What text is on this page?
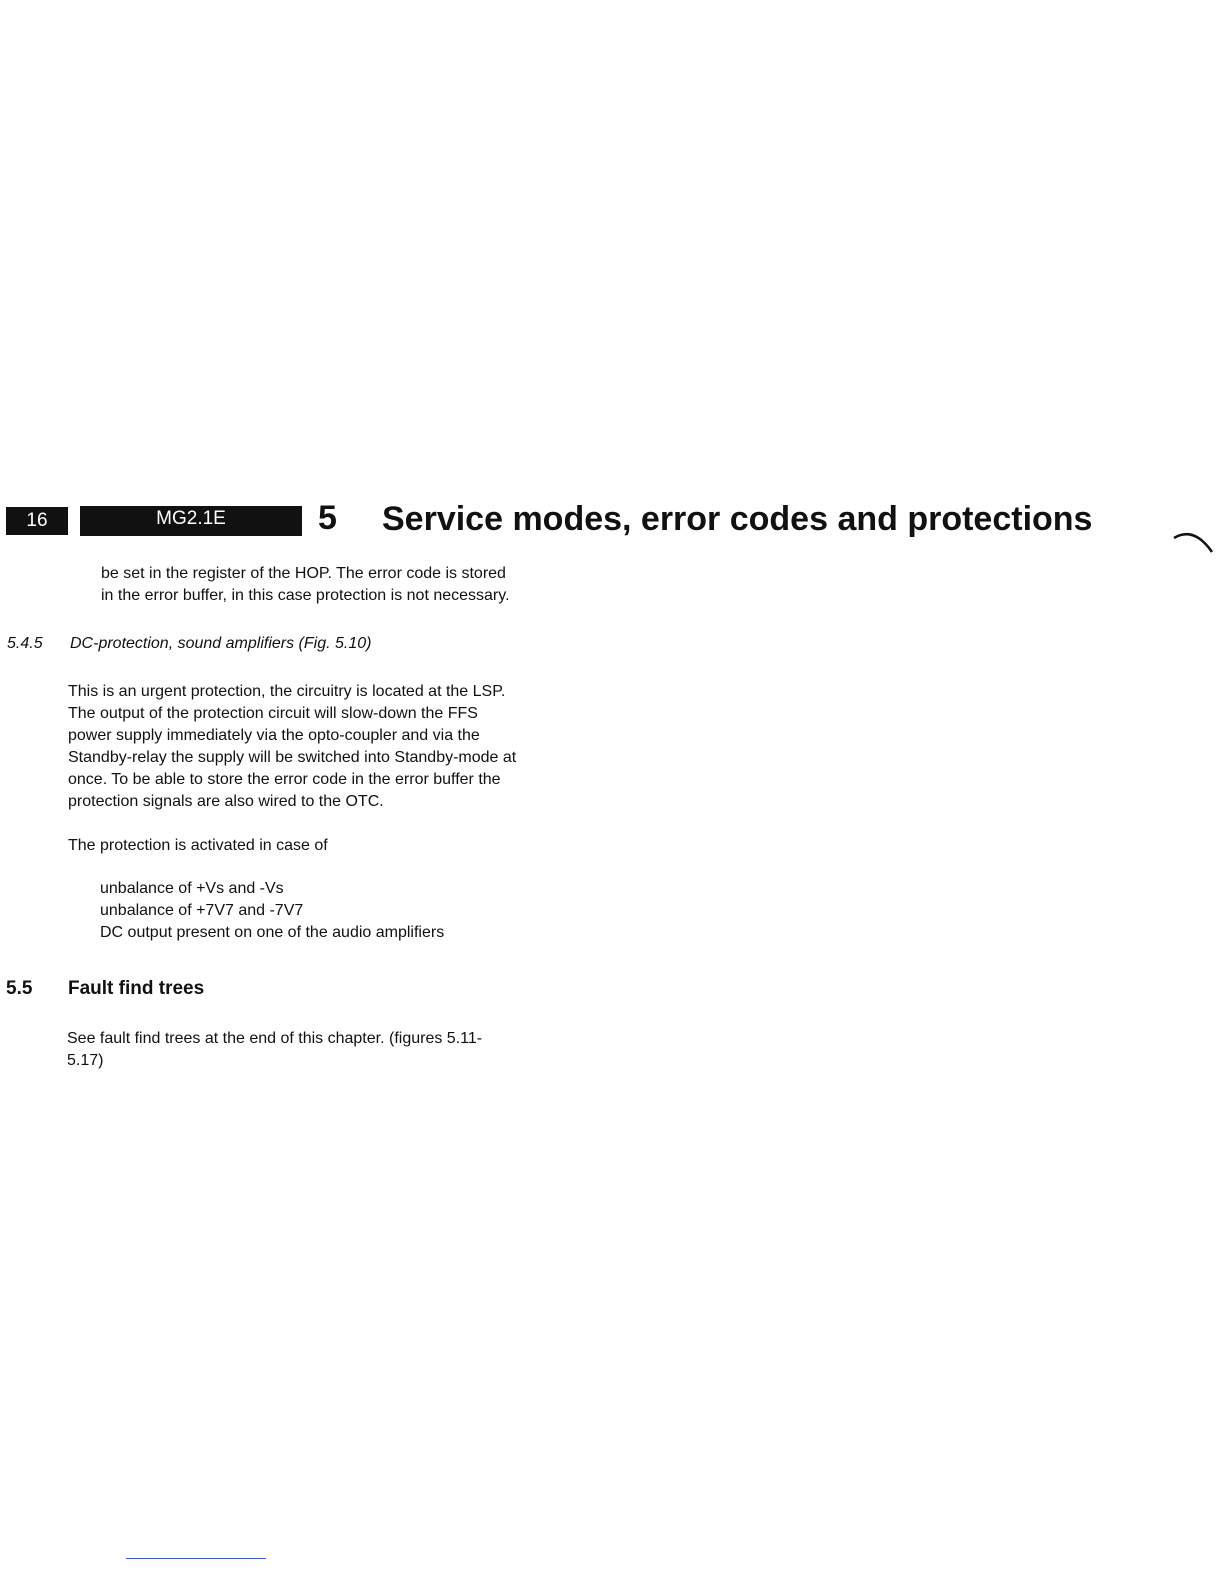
16	MG2.1E	5 Service modes, error codes and protections
be set in the register of the HOP. The error code is stored
in the error buffer, in this case protection is not necessary.
5.4.5 DC-protection, sound amplifiers (Fig. 5.10)
This is an urgent protection, the circuitry is located at the LSP.
The output of the protection circuit will slow-down the FFS
power supply immediately via the opto-coupler and via the
Standby-relay the supply will be switched into Standby-mode at
once. To be able to store the error code in the error buffer the
protection signals are also wired to the OTC.
The protection is activated in case of
unbalance of +Vs and -Vs
unbalance of +7V7 and -7V7
DC output present on one of the audio amplifiers
5.5 Fault find trees
See fault find trees at the end of this chapter. (figures 5.11-
5.17)
